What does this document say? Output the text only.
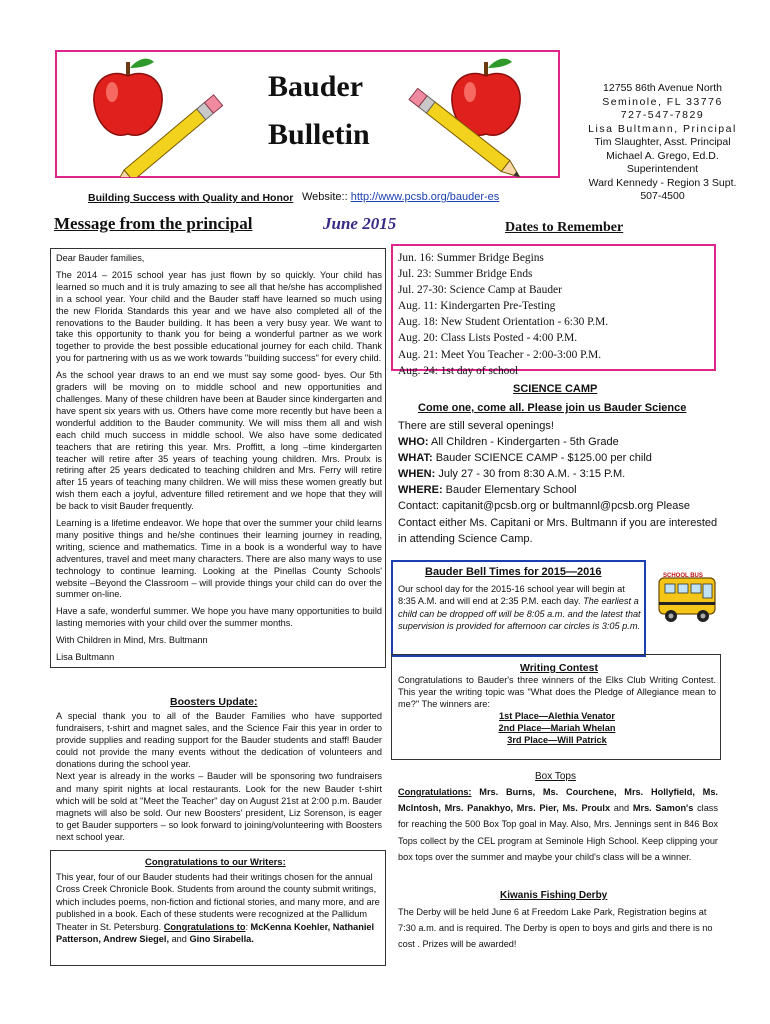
Bauder
Bulletin
Building Success with Quality and Honor Website:: http://www.pcsb.org/bauder-es
12755 86th Avenue North
Seminole, FL 33776
727-547-7829
Lisa Bultmann, Principal
Tim Slaughter, Asst. Principal
Michael A. Grego, Ed.D.
Superintendent
Ward Kennedy - Region 3 Supt.
507-4500
Message from the principal	June 2015	Dates to Remember

Dear Bauder families,

The 2014 – 2015 school year has just flown by so quickly. Your child has learned so much and it is truly amazing to see all that he/she has accomplished in a school year. Your child and the Bauder staff have learned so much using the new Florida Standards this year and we have also completed all of the renovations to the Bauder building. It has been a very busy year. We want to take this opportunity to thank you for being a wonderful partner as we work together to provide the best possible educational journey for each child. Thank you for partnering with us as we work towards "building success" for every child.

As the school year draws to an end we must say some good- byes. Our 5th graders will be moving on to middle school and new opportunities and challenges. Many of these children have been at Bauder since kindergarten and have spent six years with us. Others have come more recently but have been a wonderful addition to the Bauder community. We will miss them all and wish each child much success in middle school. We also have some dedicated teachers that are retiring this year. Mrs. Proffitt, a long –time kindergarten teacher will retire after 35 years of teaching young children. Mrs. Proulx is retiring after 25 years dedicated to teaching children and Mrs. Ferry will retire after 15 years of teaching many children. We will miss these women greatly but wish them each a joyful, adventure filled retirement and we hope that they will be back to visit Bauder frequently.

Learning is a lifetime endeavor. We hope that over the summer your child learns many positive things and he/she continues their learning journey in reading, writing, science and mathematics. Time in a book is a wonderful way to have adventures, travel and meet many characters. There are also many ways to use technology to continue learning. Looking at the Pinellas County Schools' website –Beyond the Classroom – will provide things your child can do over the summer on-line.

Have a safe, wonderful summer. We hope you have many opportunities to build lasting memories with your child over the summer months.

With Children in Mind, Mrs. Bultmann

Lisa Bultmann

Jun. 16: Summer Bridge Begins
Jul. 23: Summer Bridge Ends
Jul. 27-30: Science Camp at Bauder
Aug. 11: Kindergarten Pre-Testing
Aug. 18: New Student Orientation - 6:30 P.M.
Aug. 20: Class Lists Posted - 4:00 P.M.
Aug. 21: Meet You Teacher - 2:00-3:00 P.M.
Aug. 24: 1st day of school
SCIENCE CAMP
Come one, come all. Please join us Bauder Science
There are still several openings!
WHO: All Children - Kindergarten - 5th Grade
WHAT: Bauder SCIENCE CAMP - $125.00 per child
WHEN: July 27 - 30 from 8:30 A.M. - 3:15 P.M.
WHERE: Bauder Elementary School
Contact: capitanit@pcsb.org or bultmannl@pcsb.org Please Contact either Ms. Capitani or Mrs. Bultmann if you are interested in attending Science Camp.
Bauder Bell Times for 2015—2016
Our school day for the 2015-16 school year will begin at 8:35 A.M. and will end at 2:35 P.M. each day. The earliest a child can be dropped off will be 8:05 a.m. and the latest that supervision is provided for afternoon car circles is 3:05 p.m.
SCHOOL BUS
Writing Contest
Congratulations to Bauder's three winners of the Elks Club Writing Contest. This year the writing topic was "What does the Pledge of Allegiance mean to me?" The winners are:
1st Place—Alethia Venator
2nd Place—Mariah Whelan
3rd Place—Will Patrick
Box Tops
Congratulations: Mrs. Burns, Ms. Courchene, Mrs. Hollyfield, Ms. McIntosh, Mrs. Panakhyo, Mrs. Pier, Ms. Proulx and Mrs. Samon's class for reaching the 500 Box Top goal in May. Also, Mrs. Jennings sent in 846 Box Tops collect by the CEL program at Seminole High School. Keep clipping your box tops over the summer and maybe your child's class will be a winner.
Kiwanis Fishing Derby
The Derby will be held June 6 at Freedom Lake Park, Registration begins at 7:30 a.m. and is required. The Derby is open to boys and girls and there is no cost . Prizes will be awarded!
Boosters Update:

A special thank you to all of the Bauder Families who have supported fundraisers, t-shirt and magnet sales, and the Science Fair this year in order to provide supplies and reading support for the Bauder students and staff! Bauder could not provide the many events without the dedication of volunteers and donations during the school year.

Next year is already in the works – Bauder will be sponsoring two fundraisers and many spirit nights at local restaurants. Look for the new Bauder t-shirt which will be sold at "Meet the Teacher" day on August 21st at 2:00 p.m. Bauder magnets will also be sold. Our new Boosters' president, Liz Sorenson, is eager to get Bauder supporters – so look forward to joining/volunteering with Boosters next school year.

Congratulations to our Writers:
This year, four of our Bauder students had their writings chosen for the annual Cross Creek Chronicle Book. Students from around the county submit writings, which includes poems, non-fiction and fictional stories, and many more, and are published in a book. Each of these students were recognized at the Pallidum Theater in St. Petersburg. Congratulations to: McKenna Koehler, Nathaniel Patterson, Andrew Siegel, and Gino Sirabella.
